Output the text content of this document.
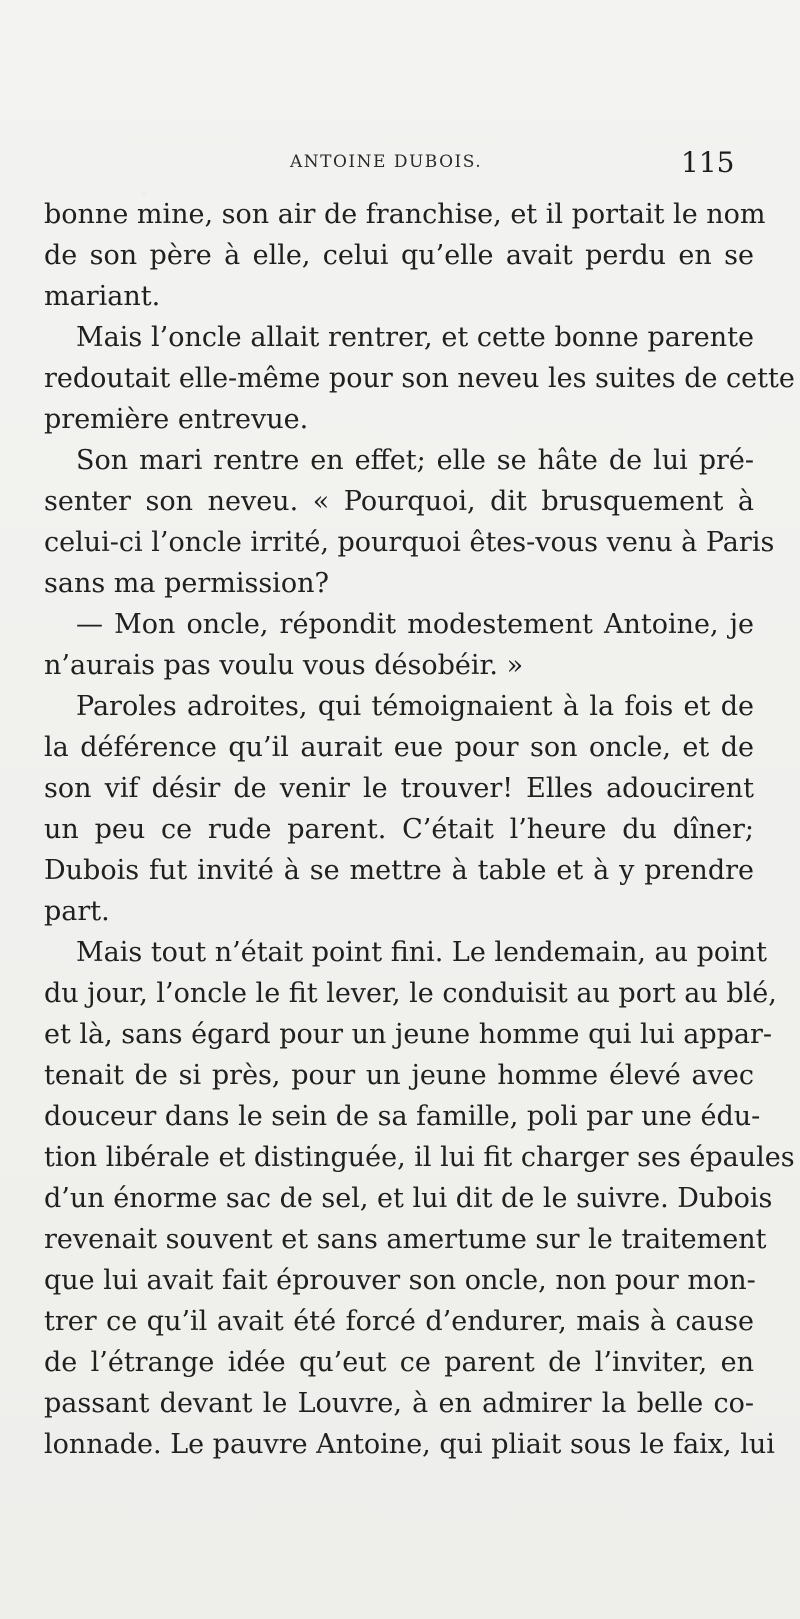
ANTOINE DUBOIS.	115
bonne mine, son air de franchise, et il portait le nom
de son père à elle, celui qu’elle avait perdu en se
mariant.
Mais l’oncle allait rentrer, et cette bonne parente
redoutait elle-même pour son neveu les suites de cette
première entrevue.
Son mari rentre en effet; elle se hâte de lui pré-
senter son neveu. « Pourquoi, dit brusquement à
celui-ci l’oncle irrité, pourquoi êtes-vous venu à Paris
sans ma permission?
— Mon oncle, répondit modestement Antoine, je
n’aurais pas voulu vous désobéir. »
Paroles adroites, qui témoignaient à la fois et de
la déférence qu’il aurait eue pour son oncle, et de
son vif désir de venir le trouver! Elles adoucirent
un peu ce rude parent. C’était l’heure du dîner;
Dubois fut invité à se mettre à table et à y prendre
part.
Mais tout n’était point fini. Le lendemain, au point
du jour, l’oncle le fit lever, le conduisit au port au blé,
et là, sans égard pour un jeune homme qui lui appar-
tenait de si près, pour un jeune homme élevé avec
douceur dans le sein de sa famille, poli par une édu-
tion libérale et distinguée, il lui fit charger ses épaules
d’un énorme sac de sel, et lui dit de le suivre. Dubois
revenait souvent et sans amertume sur le traitement
que lui avait fait éprouver son oncle, non pour mon-
trer ce qu’il avait été forcé d’endurer, mais à cause
de l’étrange idée qu’eut ce parent de l’inviter, en
passant devant le Louvre, à en admirer la belle co-
lonnade. Le pauvre Antoine, qui pliait sous le faix, lui
